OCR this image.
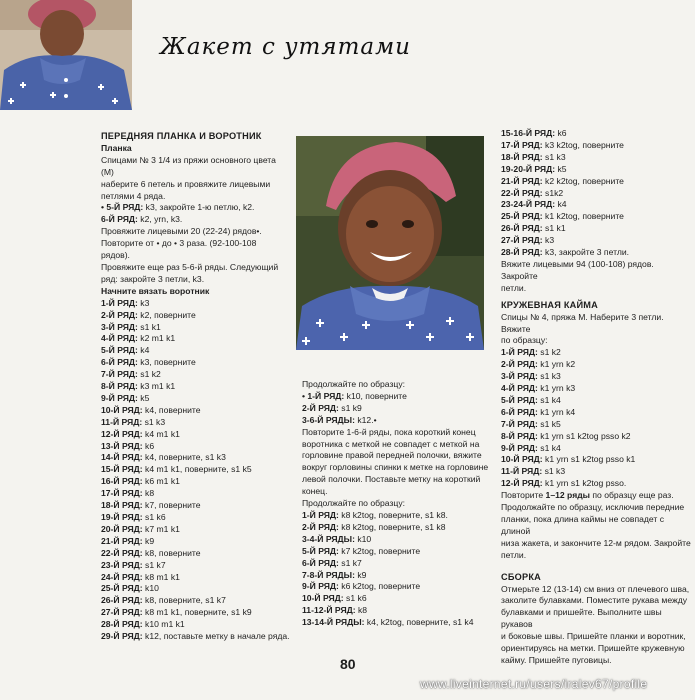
Жакет с утятами

ПЕРЕДНЯЯ ПЛАНКА И ВОРОТНИК

Планка

Спицами № 3 1/4 из пряжи основного цвета (М)

наберите 6 петель и провяжите лицевыми

петлями 4 ряда.

• 5-Й РЯД: k3, закройте 1-ю петлю, k2.

6-Й РЯД: k2, yrn, k3.

Провяжите лицевыми 20 (22-24) рядов•.

Повторите от • до • 3 раза. (92-100-108

рядов).

Провяжите еще раз 5-6-й ряды. Следующий

ряд: закройте 3 петли, k3.

Начните вязать воротник

1-Й РЯД: k3

2-Й РЯД: k2, поверните

3-Й РЯД: s1 k1

4-Й РЯД: k2 m1 k1

5-Й РЯД: k4

6-Й РЯД: k3, поверните

7-Й РЯД: s1 k2

8-Й РЯД: k3 m1 k1

9-Й РЯД: k5

10-Й РЯД: k4, поверните

11-Й РЯД: s1 k3

12-Й РЯД: k4 m1 k1

13-Й РЯД: k6

14-Й РЯД: k4, поверните, s1 k3

15-Й РЯД: k4 m1 k1, поверните, s1 k5

16-Й РЯД: k6 m1 k1

17-Й РЯД: k8

18-Й РЯД: k7, поверните

19-Й РЯД: s1 k6

20-Й РЯД: k7 m1 k1

21-Й РЯД: k9

22-Й РЯД: k8, поверните

23-Й РЯД: s1 k7

24-Й РЯД: k8 m1 k1

25-Й РЯД: k10

26-Й РЯД: k8, поверните, s1 k7

27-Й РЯД: k8 m1 k1, поверните, s1 k9

28-Й РЯД: k10 m1 k1

29-Й РЯД: k12, поставьте метку в начале ряда.

Продолжайте по образцу:

• 1-Й РЯД: k10, поверните

2-Й РЯД: s1 k9

3-6-Й РЯДЫ: k12.•

Повторите 1-6-й ряды, пока короткий конец

воротника с меткой не совпадет с меткой на

горловине правой передней полочки, вяжите

вокруг горловины спинки к метке на горловине

левой полочки. Поставьте метку на короткий

конец.

Продолжайте по образцу:

1-Й РЯД: k8 k2tog, поверните, s1 k8.

2-Й РЯД: k8 k2tog, поверните, s1 k8

3-4-Й РЯДЫ: k10

5-Й РЯД: k7 k2tog, поверните

6-Й РЯД: s1 k7

7-8-Й РЯДЫ: k9

9-Й РЯД: k6 k2tog, поверните

10-Й РЯД: s1 k6

11-12-Й РЯД: k8

13-14-Й РЯДЫ: k4, k2tog, поверните, s1 k4

15-16-Й РЯД: k6

17-Й РЯД: k3 k2tog, поверните

18-Й РЯД: s1 k3

19-20-Й РЯД: k5

21-Й РЯД: k2 k2tog, поверните

22-Й РЯД: s1k2

23-24-Й РЯД: k4

25-Й РЯД: k1 k2tog, поверните

26-Й РЯД: s1 k1

27-Й РЯД: k3

28-Й РЯД: k3, закройте 3 петли.

Вяжите лицевыми 94 (100-108) рядов. Закройте

петли.

КРУЖЕВНАЯ КАЙМА

Спицы № 4, пряжа М. Наберите 3 петли. Вяжите

по образцу:

1-Й РЯД: s1 k2

2-Й РЯД: k1 yrn k2

3-Й РЯД: s1 k3

4-Й РЯД: k1 yrn k3

5-Й РЯД: s1 k4

6-Й РЯД: k1 yrn k4

7-Й РЯД: s1 k5

8-Й РЯД: k1 yrn s1 k2tog psso k2

9-Й РЯД: s1 k4

10-Й РЯД: k1 yrn s1 k2tog psso k1

11-Й РЯД: s1 k3

12-Й РЯД: k1 yrn s1 k2tog psso.

Повторите 1–12 ряды по образцу еще раз.

Продолжайте по образцу, исключив передние

планки, пока длина каймы не совпадет с длиной

низа жакета, и закончите 12-м рядом. Закройте

петли.

СБОРКА

Отмерьте 12 (13-14) см вниз от плечевого шва,

заколите булавками. Поместите рукава между

булавками и пришейте. Выполните швы рукавов

и боковые швы. Пришейте планки и воротник,

ориентируясь на метки. Пришейте кружевную

кайму. Пришейте пуговицы.

80
www.liveinternet.ru/users/iralev67/profile
